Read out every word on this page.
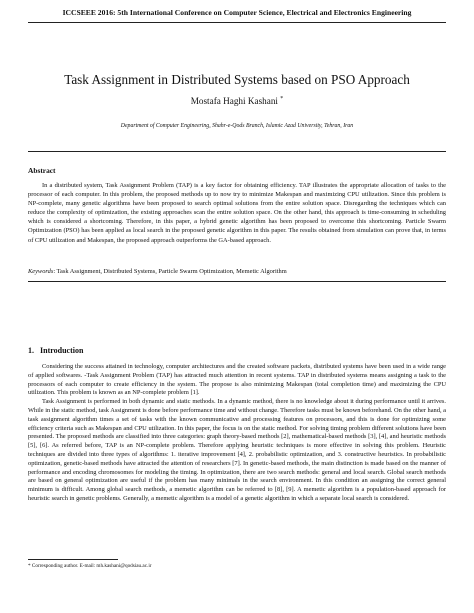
ICCSEEE 2016: 5th International Conference on Computer Science, Electrical and Electronics Engineering
Task Assignment in Distributed Systems based on PSO Approach
Mostafa Haghi Kashani *
Department of Computer Engineering, Shahr-e-Qods Branch, Islamic Azad University, Tehran, Iran
Abstract
In a distributed system, Task Assignment Problem (TAP) is a key factor for obtaining efficiency. TAP illustrates the appropriate allocation of tasks to the processor of each computer. In this problem, the proposed methods up to now try to minimize Makespan and maximizing CPU utilization. Since this problem is NP-complete, many genetic algorithms have been proposed to search optimal solutions from the entire solution space. Disregarding the techniques which can reduce the complexity of optimization, the existing approaches scan the entire solution space. On the other hand, this approach is time-consuming in scheduling which is considered a shortcoming. Therefore, in this paper, a hybrid genetic algorithm has been proposed to overcome this shortcoming. Particle Swarm Optimization (PSO) has been applied as local search in the proposed genetic algorithm in this paper. The results obtained from simulation can prove that, in terms of CPU utilization and Makespan, the proposed approach outperforms the GA-based approach.
Keywords: Task Assignment, Distributed Systems, Particle Swarm Optimization, Memetic Algorithm
1. Introduction

Considering the success attained in technology, computer architectures and the created software packets, distributed systems have been used in a wide range of applied softwares. -Task Assignment Problem (TAP) has attracted much attention in recent systems. TAP in distributed systems means assigning a task to the processors of each computer to create efficiency in the system. The propose is also minimizing Makespan (total completion time) and maximizing the CPU utilization. This problem is known as an NP-complete problem [1].

Task Assignment is performed in both dynamic and static methods. In a dynamic method, there is no knowledge about it during performance until it arrives. While in the static method, task Assignment is done before performance time and without change. Therefore tasks must be known beforehand. On the other hand, a task assignment algorithm times a set of tasks with the known communicative and processing features on processors, and this is done for optimizing some efficiency criteria such as Makespan and CPU utilization. In this paper, the focus is on the static method. For solving timing problem different solutions have been presented. The proposed methods are classified into three categories: graph theory-based methods [2], mathematical-based methods [3], [4], and heuristic methods [5], [6]. As referred before, TAP is an NP-complete problem. Therefore applying heuristic techniques is more effective in solving this problem. Heuristic techniques are divided into three types of algorithms: 1. iterative improvement [4], 2. probabilistic optimization, and 3. constructive heuristics. In probabilistic optimization, genetic-based methods have attracted the attention of researchers [7]. In genetic-based methods, the main distinction is made based on the manner of performance and encoding chromosomes for modeling the timing. In optimization, there are two search methods: general and local search. Global search methods are based on general optimization are useful if the problem has many minimals in the search environment. In this condition an assigning the correct general minimum is difficult. Among global search methods, a memetic algorithm can be referred to [8], [9]. A memetic algorithm is a population-based approach for heuristic search in genetic problems. Generally, a memetic algorithm is a model of a genetic algorithm in which a separate local search is considered.

* Corresponding author. E-mail: mh.kashani@qodsiau.ac.ir
